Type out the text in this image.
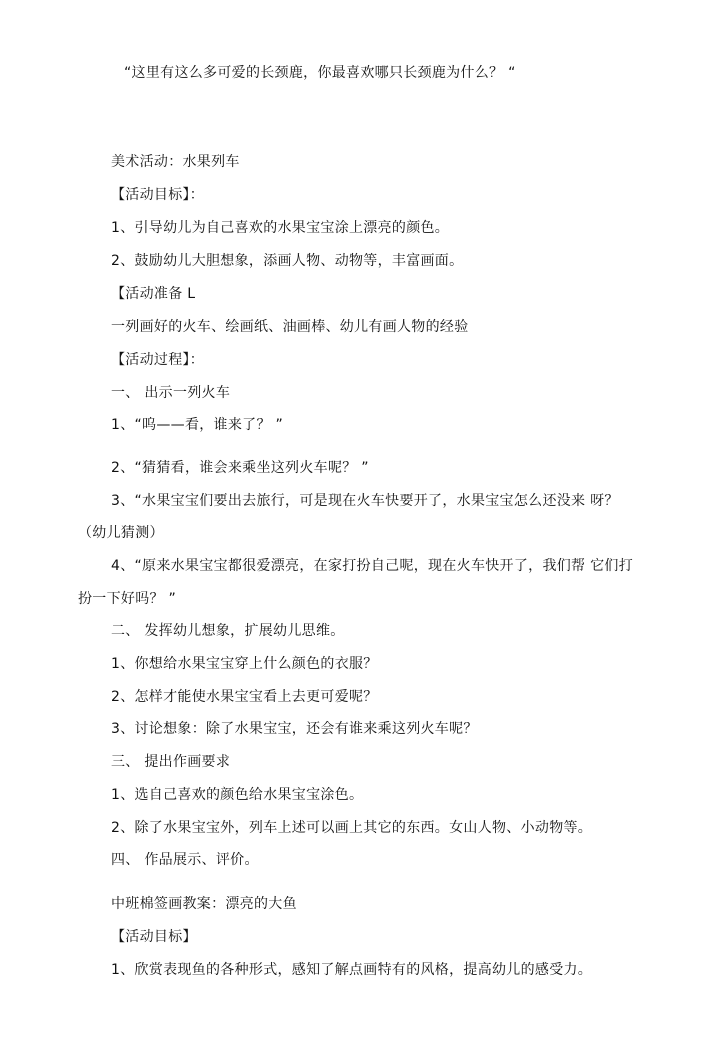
“这里有这么多可爱的长颈鹿，你最喜欢哪只长颈鹿为什么？ “
美术活动：水果列车
【活动目标】：
1、引导幼儿为自己喜欢的水果宝宝涂上漂亮的颜色。
2、鼓励幼儿大胆想象，添画人物、动物等，丰富画面。
【活动准备 L
一列画好的火车、绘画纸、油画棒、幼儿有画人物的经验
【活动过程】：
一、 出示一列火车
1、“呜——看，谁来了？ ”
2、“猜猜看，谁会来乘坐这列火车呢？ ”
3、“水果宝宝们要出去旅行，可是现在火车快要开了，水果宝宝怎么还没来 呀？
（幼儿猜测）
4、“原来水果宝宝都很爱漂亮，在家打扮自己呢，现在火车快开了，我们帮 它们打
扮一下好吗？ ”
二、 发挥幼儿想象，扩展幼儿思维。
1、你想给水果宝宝穿上什么颜色的衣服？
2、怎样才能使水果宝宝看上去更可爱呢？
3、讨论想象：除了水果宝宝，还会有谁来乘这列火车呢？
三、 提出作画要求
1、选自己喜欢的颜色给水果宝宝涂色。
2、除了水果宝宝外，列车上述可以画上其它的东西。女山人物、小动物等。
四、 作品展示、评价。
中班棉签画教案：漂亮的大鱼
【活动目标】
1、欣赏表现鱼的各种形式，感知了解点画特有的风格，提高幼儿的感受力。
